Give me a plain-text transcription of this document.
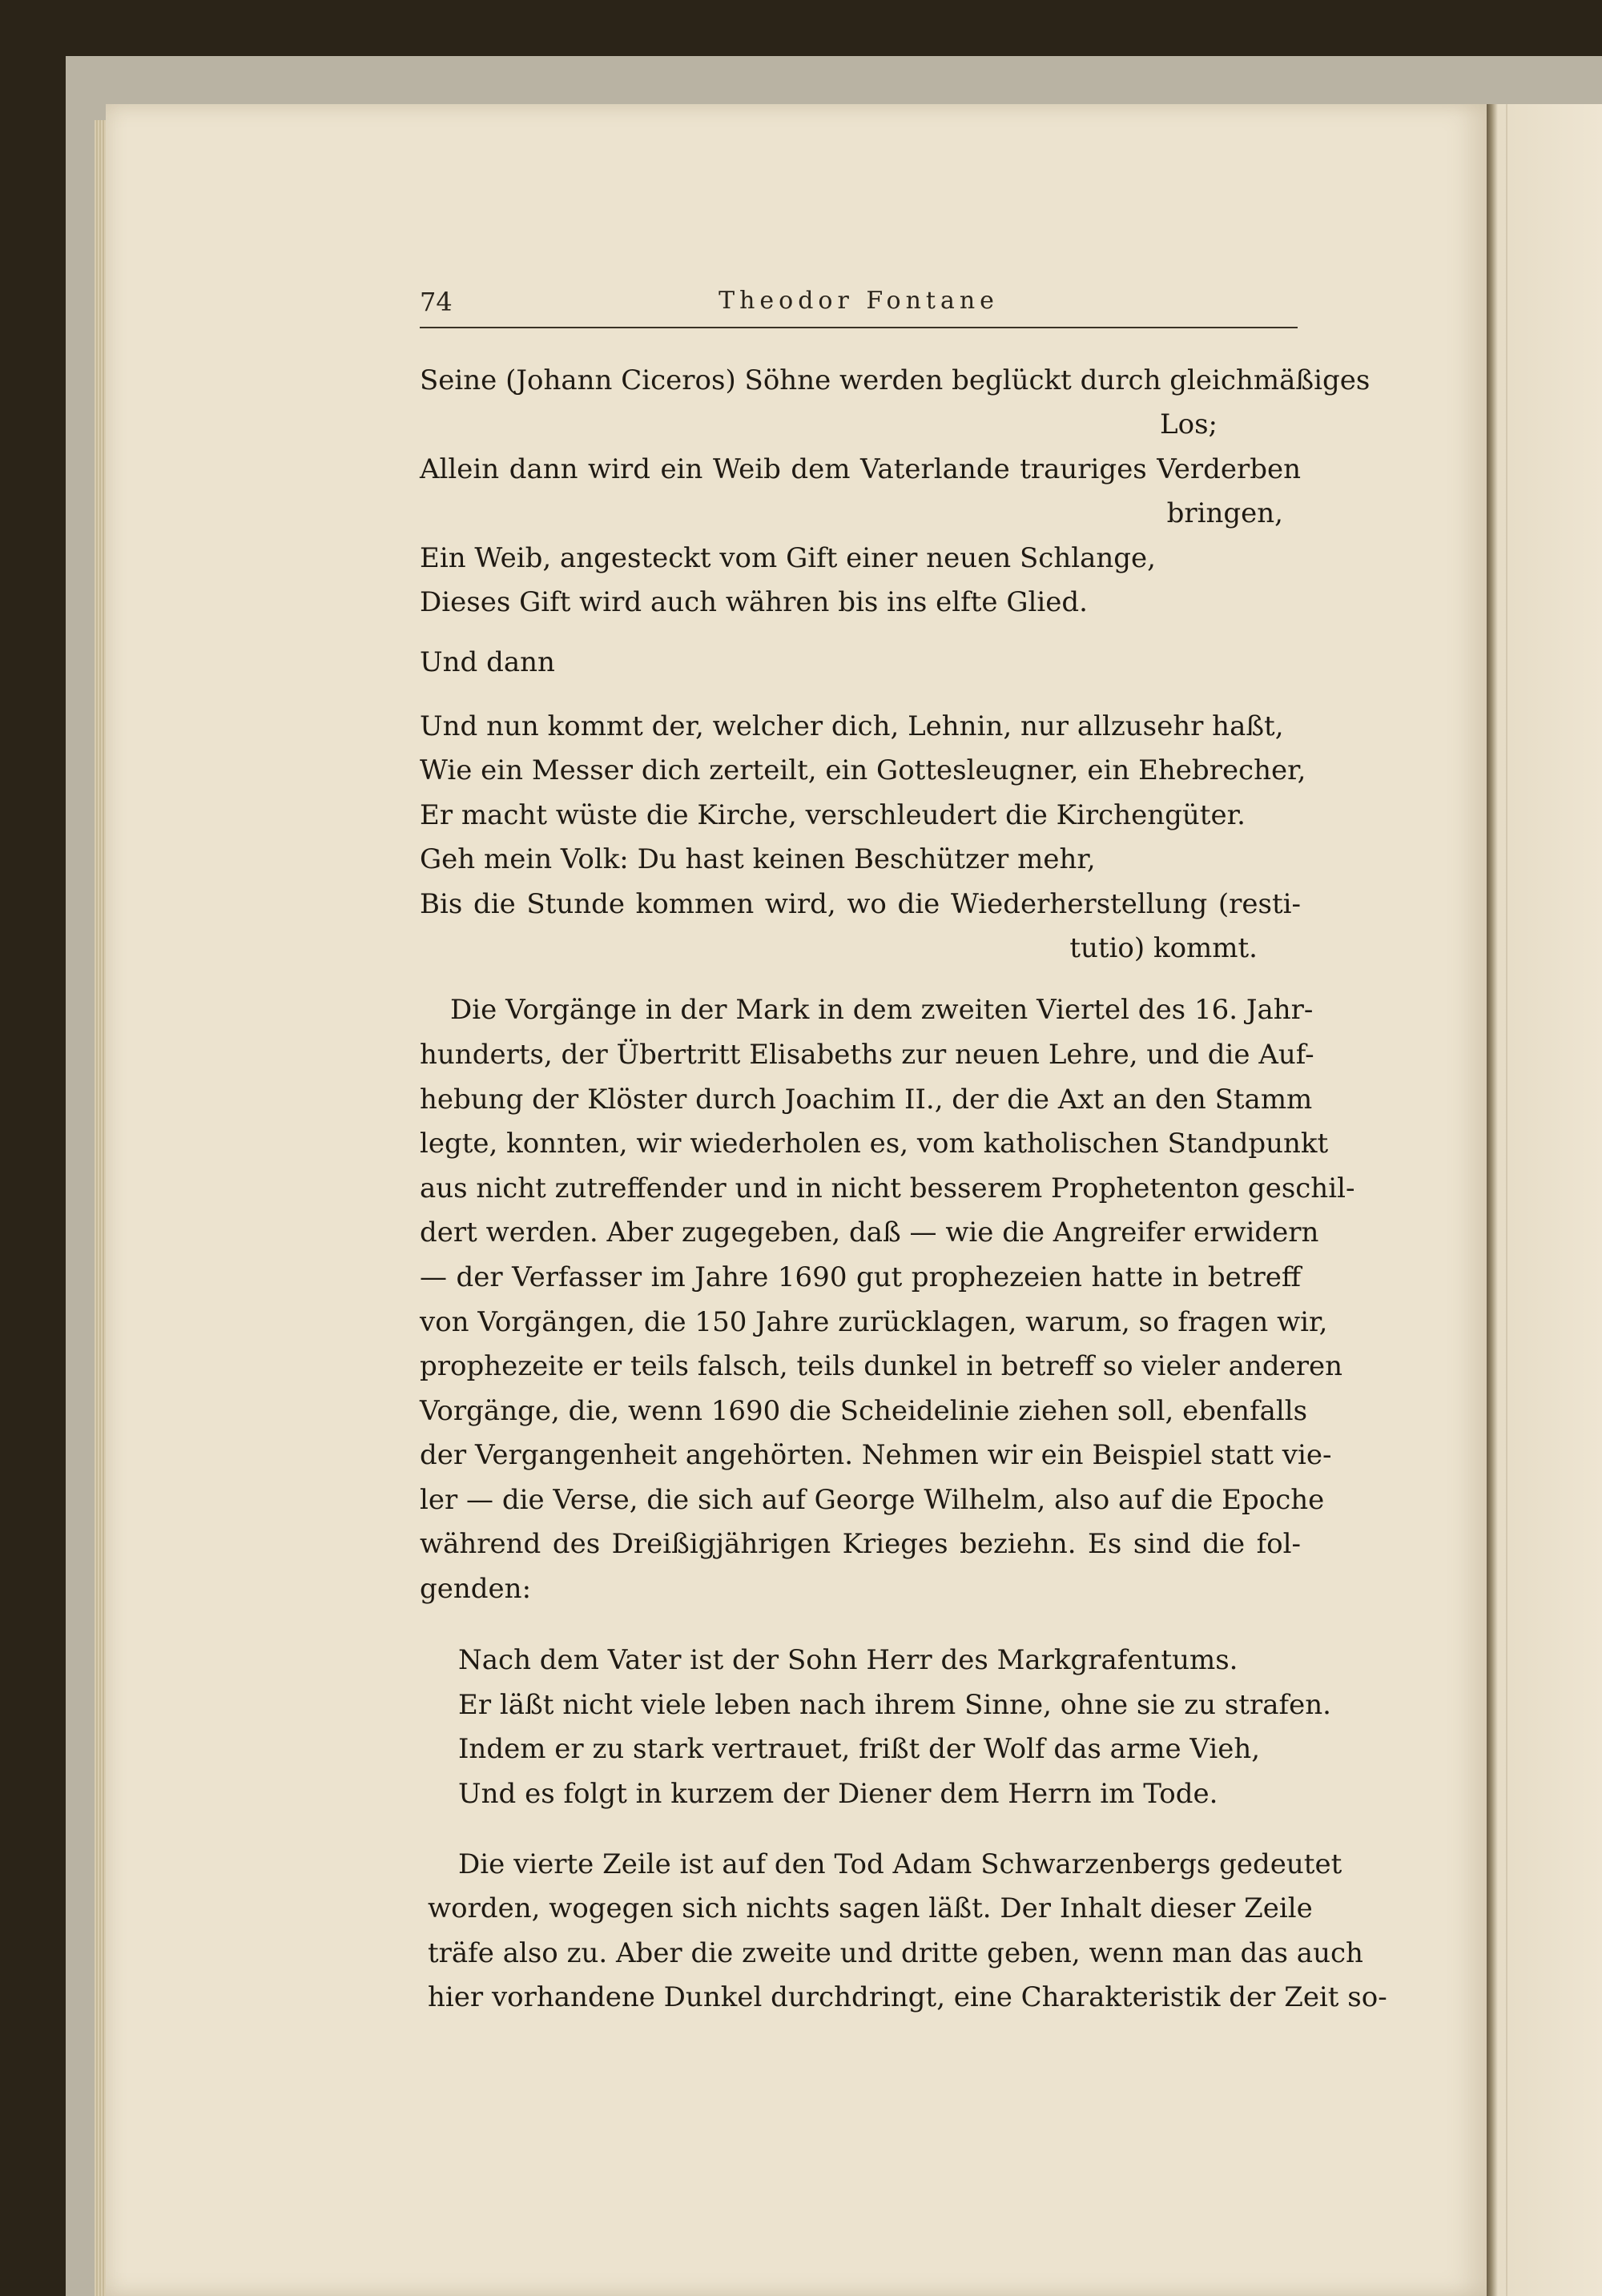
74	Theodor Fontane
Seine (Johann Ciceros) Söhne werden beglückt durch gleichmäßiges
Los;
Allein dann wird ein Weib dem Vaterlande trauriges Verderben
bringen,
Ein Weib, angesteckt vom Gift einer neuen Schlange,
Dieses Gift wird auch währen bis ins elfte Glied.
Und dann
Und nun kommt der, welcher dich, Lehnin, nur allzusehr haßt,
Wie ein Messer dich zerteilt, ein Gottesleugner, ein Ehebrecher,
Er macht wüste die Kirche, verschleudert die Kirchengüter.
Geh mein Volk: Du hast keinen Beschützer mehr,
Bis die Stunde kommen wird, wo die Wiederherstellung (resti-
tutio) kommt.
Die Vorgänge in der Mark in dem zweiten Viertel des 16. Jahr-
hunderts, der Übertritt Elisabeths zur neuen Lehre, und die Auf-
hebung der Klöster durch Joachim II., der die Axt an den Stamm
legte, konnten, wir wiederholen es, vom katholischen Standpunkt
aus nicht zutreffender und in nicht besserem Prophetenton geschil-
dert werden. Aber zugegeben, daß — wie die Angreifer erwidern
— der Verfasser im Jahre 1690 gut prophezeien hatte in betreff
von Vorgängen, die 150 Jahre zurücklagen, warum, so fragen wir,
prophezeite er teils falsch, teils dunkel in betreff so vieler anderen
Vorgänge, die, wenn 1690 die Scheidelinie ziehen soll, ebenfalls
der Vergangenheit angehörten. Nehmen wir ein Beispiel statt vie-
ler — die Verse, die sich auf George Wilhelm, also auf die Epoche
während des Dreißigjährigen Krieges beziehn. Es sind die fol-
genden:
Nach dem Vater ist der Sohn Herr des Markgrafentums.
Er läßt nicht viele leben nach ihrem Sinne, ohne sie zu strafen.
Indem er zu stark vertrauet, frißt der Wolf das arme Vieh,
Und es folgt in kurzem der Diener dem Herrn im Tode.
Die vierte Zeile ist auf den Tod Adam Schwarzenbergs gedeutet
worden, wogegen sich nichts sagen läßt. Der Inhalt dieser Zeile
träfe also zu. Aber die zweite und dritte geben, wenn man das auch
hier vorhandene Dunkel durchdringt, eine Charakteristik der Zeit so-
